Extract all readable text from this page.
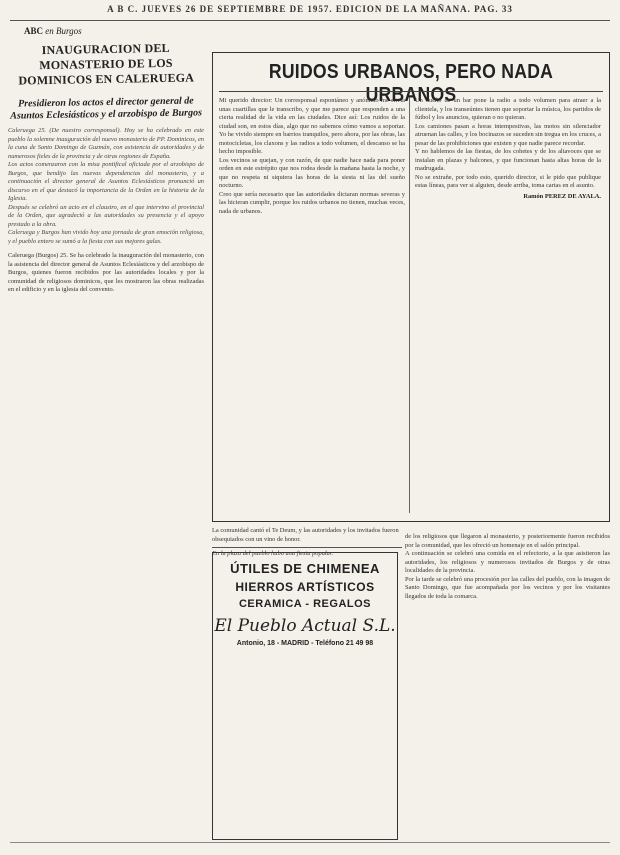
A B C. JUEVES 26 DE SEPTIEMBRE DE 1957. EDICION DE LA MAÑANA. PAG. 33
ABC en Burgos
INAUGURACION DEL MONASTERIO DE LOS DOMINICOS EN CALERUEGA
Presidieron los actos el director general de Asuntos Eclesiásticos y el arzobispo de Burgos
Caleruega 25. (De nuestro corresponsal). Hoy se ha celebrado en este pueblo la solemne inauguración del nuevo monasterio de PP. Dominicos, en la cuna de Santo Domingo de Guzmán, con asistencia de autoridades y de numerosos fieles de la provincia y de otras regiones de España.
Los actos comenzaron con la misa pontifical oficiada por el arzobispo de Burgos, que bendijo las nuevas dependencias del monasterio, y a continuación el director general de Asuntos Eclesiásticos pronunció un discurso en el que destacó la importancia de la Orden en la historia de la Iglesia.
Después se celebró un acto en el claustro, en el que intervino el provincial de la Orden, que agradeció a las autoridades su presencia y el apoyo prestado a la obra.
Caleruega y Burgos han vivido hoy una jornada de gran emoción religiosa, y el pueblo entero se sumó a la fiesta con sus mejores galas.
Caleruega (Burgos) 25. Se ha celebrado la inauguración del monasterio, con la asistencia del director general de Asuntos Eclesiásticos y del arzobispo de Burgos, quienes fueron recibidos por las autoridades locales y por la comunidad de religiosos dominicos, que les mostraron las obras realizadas en el edificio y en la iglesia del convento.
RUIDOS URBANOS, PERO NADA URBANOS
Mi querido director: Un corresponsal espontáneo y anónimo me envía unas cuartillas que le transcribo, y que me parece que responden a una cierta realidad de la vida en las ciudades. Dice así: Los ruidos de la ciudad son, en estos días, algo que no sabemos cómo vamos a soportar. Yo he vivido siempre en barrios tranquilos, pero ahora, por las obras, las motocicletas, los claxons y las radios a todo volumen, el descanso se ha hecho imposible.
Los vecinos se quejan, y con razón, de que nadie hace nada para poner orden en este estrépito que nos rodea desde la mañana hasta la noche, y que no respeta ni siquiera las horas de la siesta ni las del sueño nocturno.
Creo que sería necesario que las autoridades dictaran normas severas y las hicieran cumplir, porque los ruidos urbanos no tienen, muchas veces, nada de urbanos.
Un dueño de un bar pone la radio a todo volumen para atraer a la clientela, y los transeúntes tienen que soportar la música, los partidos de fútbol y los anuncios, quieran o no quieran.
Los camiones pasan a horas intempestivas, las motos sin silenciador atruenan las calles, y los bocinazos se suceden sin tregua en los cruces, a pesar de las prohibiciones que existen y que nadie parece recordar.
Y no hablemos de las fiestas, de los cohetes y de los altavoces que se instalan en plazas y balcones, y que funcionan hasta altas horas de la madrugada.
No se extrañe, por todo esto, querido director, si le pido que publique estas líneas, para ver si alguien, desde arriba, toma cartas en el asunto.
Ramón PEREZ DE AYALA.
La comunidad cantó el Te Deum, y las autoridades y los invitados fueron obsequiados con un vino de honor.
En la plaza del pueblo hubo una fiesta popular.
ÚTILES DE CHIMENEA
HIERROS ARTÍSTICOS
CERAMICA - REGALOS
El Pueblo Actual S.L.
Antonio, 18 - MADRID - Teléfono 21 49 98
de los religiosos que llegaron al monasterio, y posteriormente fueron recibidos por la comunidad, que les ofreció un homenaje en el salón principal.
A continuación se celebró una comida en el refectorio, a la que asistieron las autoridades, los religiosos y numerosos invitados de Burgos y de otras localidades de la provincia.
Por la tarde se celebró una procesión por las calles del pueblo, con la imagen de Santo Domingo, que fue acompañada por los vecinos y por los visitantes llegados de toda la comarca.
